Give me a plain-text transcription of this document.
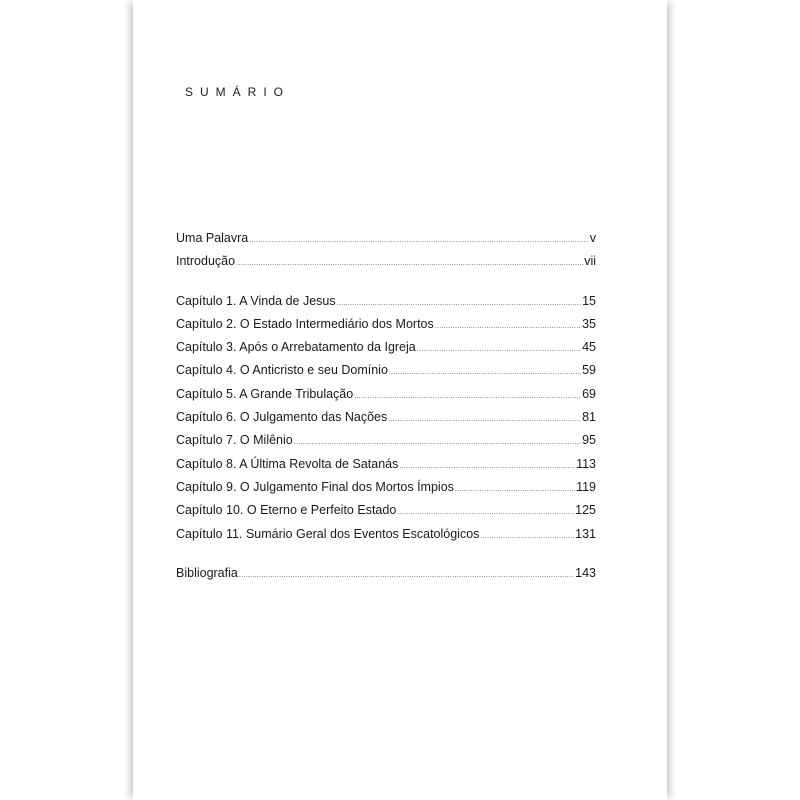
SUMÁRIO
Uma Palavra .....	v
Introdução .....	vii
Capítulo 1. A Vinda de Jesus .....	15
Capítulo 2. O Estado Intermediário dos Mortos .....	35
Capítulo 3. Após o Arrebatamento da Igreja .....	45
Capítulo 4. O Anticristo e seu Domínio .....	59
Capítulo 5. A Grande Tribulação .....	69
Capítulo 6. O Julgamento das Nações .....	81
Capítulo 7. O Milênio .....	95
Capítulo 8. A Última Revolta de Satanás .....	113
Capítulo 9. O Julgamento Final dos Mortos Ímpios .....	119
Capítulo 10. O Eterno e Perfeito Estado .....	125
Capítulo 11. Sumário Geral dos Eventos Escatológicos .....	131
Bibliografia .....	143
